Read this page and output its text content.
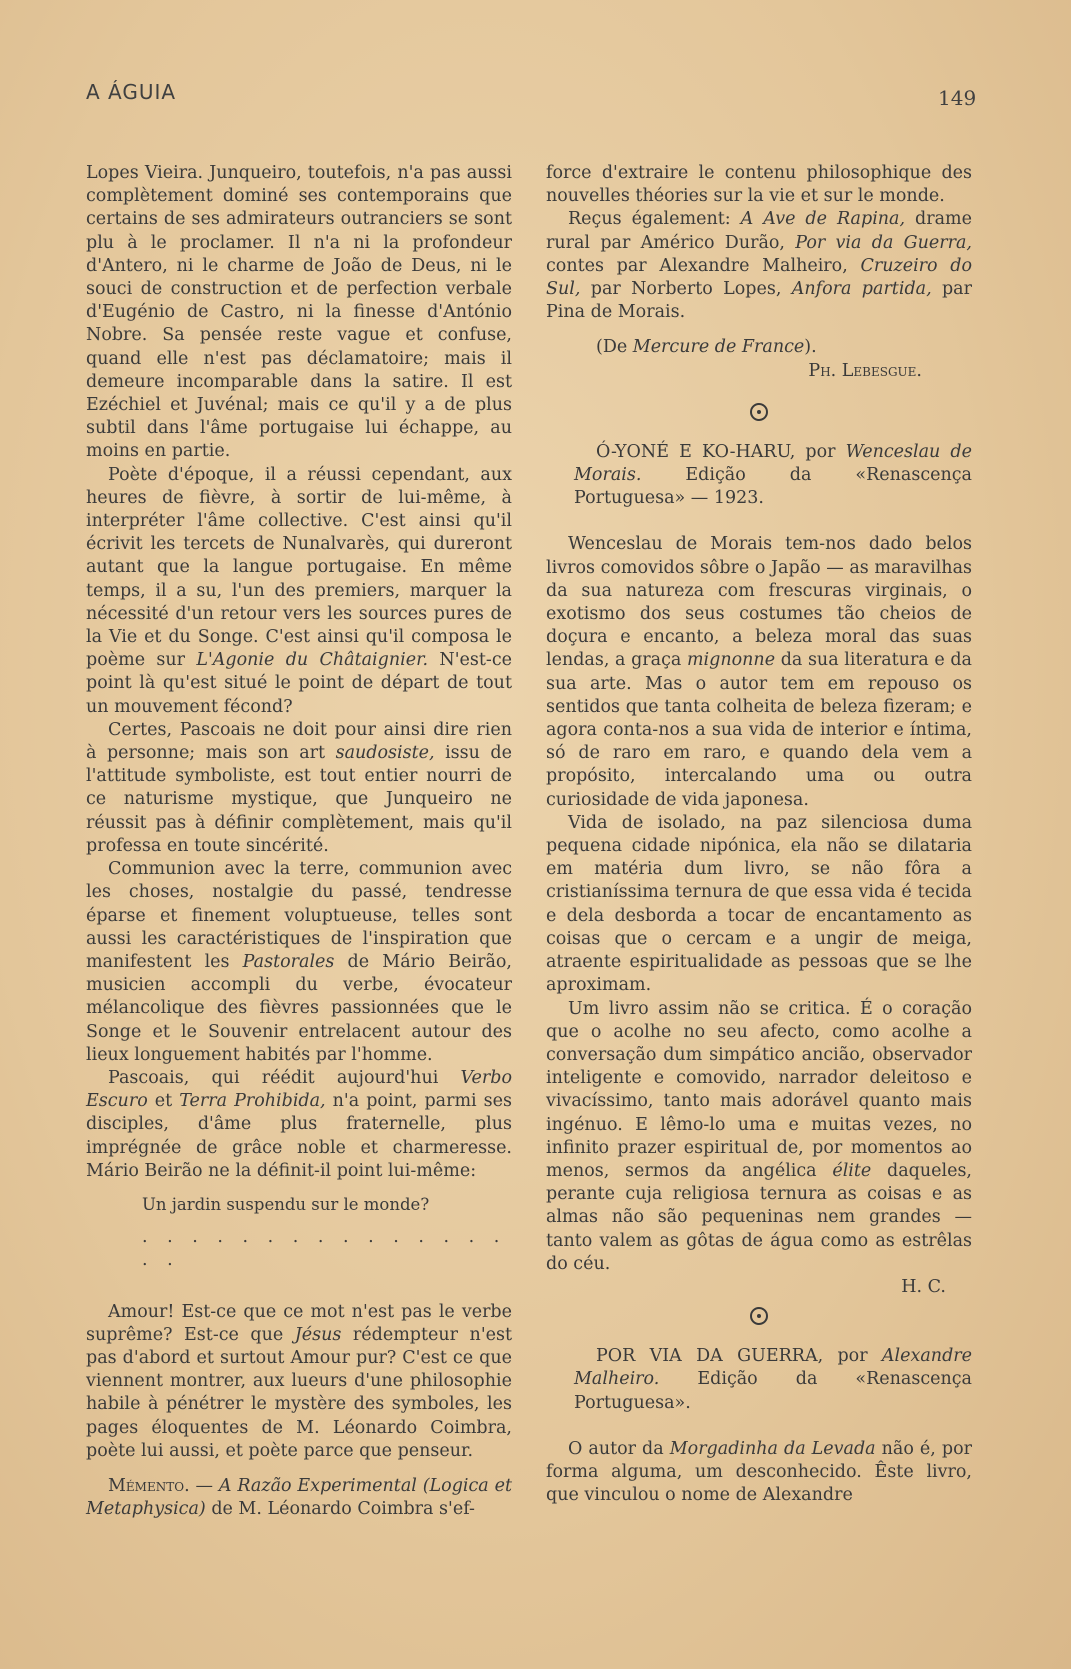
A ÁGUIA	149

Lopes Vieira. Junqueiro, toutefois, n'a pas aussi complètement dominé ses contemporains que certains de ses admirateurs outranciers se sont plu à le proclamer. Il n'a ni la profondeur d'Antero, ni le charme de João de Deus, ni le souci de construction et de perfection verbale d'Eugénio de Castro, ni la finesse d'António Nobre. Sa pensée reste vague et confuse, quand elle n'est pas déclamatoire; mais il demeure incomparable dans la satire. Il est Ezéchiel et Juvénal; mais ce qu'il y a de plus subtil dans l'âme portugaise lui échappe, au moins en partie.

Poète d'époque, il a réussi cependant, aux heures de fièvre, à sortir de lui-même, à interpréter l'âme collective. C'est ainsi qu'il écrivit les tercets de Nunalvarès, qui dureront autant que la langue portugaise. En même temps, il a su, l'un des premiers, marquer la nécessité d'un retour vers les sources pures de la Vie et du Songe. C'est ainsi qu'il composa le poème sur L'Agonie du Châtaignier. N'est-ce point là qu'est situé le point de départ de tout un mouvement fécond?

Certes, Pascoais ne doit pour ainsi dire rien à personne; mais son art saudosiste, issu de l'attitude symboliste, est tout entier nourri de ce naturisme mystique, que Junqueiro ne réussit pas à définir complètement, mais qu'il professa en toute sincérité.

Communion avec la terre, communion avec les choses, nostalgie du passé, tendresse éparse et finement voluptueuse, telles sont aussi les caractéristiques de l'inspiration que manifestent les Pastorales de Mário Beirão, musicien accompli du verbe, évocateur mélancolique des fièvres passionnées que le Songe et le Souvenir entrelacent autour des lieux longuement habités par l'homme.

Pascoais, qui réédit aujourd'hui Verbo Escuro et Terra Prohibida, n'a point, parmi ses disciples, d'âme plus fraternelle, plus imprégnée de grâce noble et charmeresse. Mário Beirão ne la définit-il point lui-même:

Un jardin suspendu sur le monde?
. . . . . . . . . . . . . . . . .

Amour! Est-ce que ce mot n'est pas le verbe suprême? Est-ce que Jésus rédempteur n'est pas d'abord et surtout Amour pur? C'est ce que viennent montrer, aux lueurs d'une philosophie habile à pénétrer le mystère des symboles, les pages éloquentes de M. Léonardo Coimbra, poète lui aussi, et poète parce que penseur.

Mémento. — A Razão Experimental (Logica et Metaphysica) de M. Léonardo Coimbra s'ef-

force d'extraire le contenu philosophique des nouvelles théories sur la vie et sur le monde.

Reçus également: A Ave de Rapina, drame rural par Américo Durão, Por via da Guerra, contes par Alexandre Malheiro, Cruzeiro do Sul, par Norberto Lopes, Anfora partida, par Pina de Morais.

(De Mercure de France).

Ph. Lebesgue.

Ó-YONÉ E KO-HARU, por Wenceslau de Morais. Edição da «Renascença Portuguesa» — 1923.

Wenceslau de Morais tem-nos dado belos livros comovidos sôbre o Japão — as maravilhas da sua natureza com frescuras virginais, o exotismo dos seus costumes tão cheios de doçura e encanto, a beleza moral das suas lendas, a graça mignonne da sua literatura e da sua arte. Mas o autor tem em repouso os sentidos que tanta colheita de beleza fizeram; e agora conta-nos a sua vida de interior e íntima, só de raro em raro, e quando dela vem a propósito, intercalando uma ou outra curiosidade de vida japonesa.

Vida de isolado, na paz silenciosa duma pequena cidade nipónica, ela não se dilataria em matéria dum livro, se não fôra a cristianíssima ternura de que essa vida é tecida e dela desborda a tocar de encantamento as coisas que o cercam e a ungir de meiga, atraente espiritualidade as pessoas que se lhe aproximam.

Um livro assim não se critica. É o coração que o acolhe no seu afecto, como acolhe a conversação dum simpático ancião, observador inteligente e comovido, narrador deleitoso e vivacíssimo, tanto mais adorável quanto mais ingénuo. E lêmo-lo uma e muitas vezes, no infinito prazer espiritual de, por momentos ao menos, sermos da angélica élite daqueles, perante cuja religiosa ternura as coisas e as almas não são pequeninas nem grandes — tanto valem as gôtas de água como as estrêlas do céu.

H. C.

POR VIA DA GUERRA, por Alexandre Malheiro. Edição da «Renascença Portuguesa».

O autor da Morgadinha da Levada não é, por forma alguma, um desconhecido. Êste livro, que vinculou o nome de Alexandre
